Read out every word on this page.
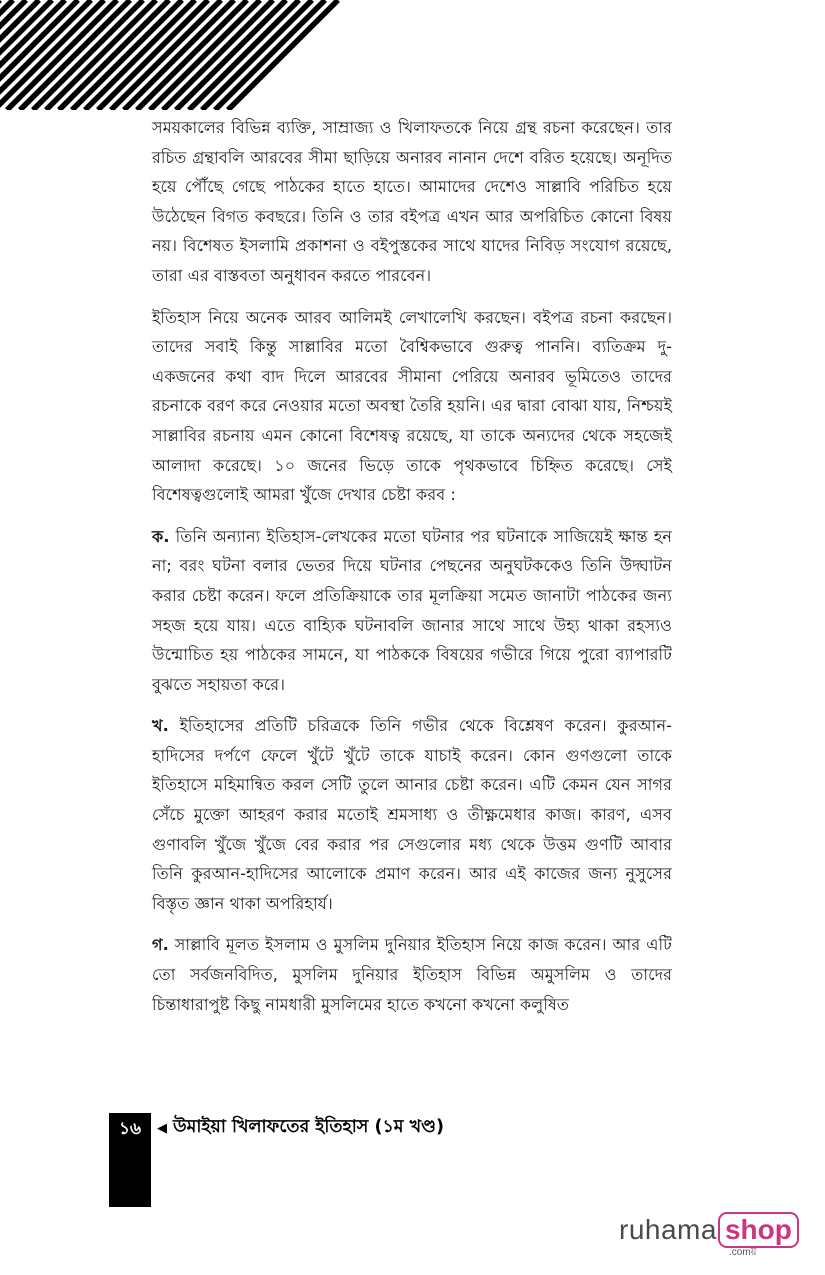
সময়কালের বিভিন্ন ব্যক্তি, সাম্রাজ্য ও খিলাফতকে নিয়ে গ্রন্থ রচনা করেছেন। তার রচিত গ্রন্থাবলি আরবের সীমা ছাড়িয়ে অনারব নানান দেশে বরিত হয়েছে। অনূদিত হয়ে পৌঁছে গেছে পাঠকের হাতে হাতে। আমাদের দেশেও সাল্লাবি পরিচিত হয়ে উঠেছেন বিগত কবছরে। তিনি ও তার বইপত্র এখন আর অপরিচিত কোনো বিষয় নয়। বিশেষত ইসলামি প্রকাশনা ও বইপুস্তকের সাথে যাদের নিবিড় সংযোগ রয়েছে, তারা এর বাস্তবতা অনুধাবন করতে পারবেন।

ইতিহাস নিয়ে অনেক আরব আলিমই লেখালেখি করছেন। বইপত্র রচনা করছেন। তাদের সবাই কিন্তু সাল্লাবির মতো বৈশ্বিকভাবে গুরুত্ব পাননি। ব্যতিক্রম দু-একজনের কথা বাদ দিলে আরবের সীমানা পেরিয়ে অনারব ভূমিতেও তাদের রচনাকে বরণ করে নেওয়ার মতো অবস্থা তৈরি হয়নি। এর দ্বারা বোঝা যায়, নিশ্চয়ই সাল্লাবির রচনায় এমন কোনো বিশেষত্ব রয়েছে, যা তাকে অন্যদের থেকে সহজেই আলাদা করেছে। ১০ জনের ভিড়ে তাকে পৃথকভাবে চিহ্নিত করেছে। সেই বিশেষত্বগুলোই আমরা খুঁজে দেখার চেষ্টা করব :

ক. তিনি অন্যান্য ইতিহাস-লেখকের মতো ঘটনার পর ঘটনাকে সাজিয়েই ক্ষান্ত হন না; বরং ঘটনা বলার ভেতর দিয়ে ঘটনার পেছনের অনুঘটককেও তিনি উদ্ঘাটন করার চেষ্টা করেন। ফলে প্রতিক্রিয়াকে তার মূলক্রিয়া সমেত জানাটা পাঠকের জন্য সহজ হয়ে যায়। এতে বাহ্যিক ঘটনাবলি জানার সাথে সাথে উহ্য থাকা রহস্যও উন্মোচিত হয় পাঠকের সামনে, যা পাঠককে বিষয়ের গভীরে গিয়ে পুরো ব্যাপারটি বুঝতে সহায়তা করে।

খ. ইতিহাসের প্রতিটি চরিত্রকে তিনি গভীর থেকে বিশ্লেষণ করেন। কুরআন-হাদিসের দর্পণে ফেলে খুঁটে খুঁটে তাকে যাচাই করেন। কোন গুণগুলো তাকে ইতিহাসে মহিমান্বিত করল সেটি তুলে আনার চেষ্টা করেন। এটি কেমন যেন সাগর সেঁচে মুক্তো আহরণ করার মতোই শ্রমসাধ্য ও তীক্ষ্ণমেধার কাজ। কারণ, এসব গুণাবলি খুঁজে খুঁজে বের করার পর সেগুলোর মধ্য থেকে উত্তম গুণটি আবার তিনি কুরআন-হাদিসের আলোকে প্রমাণ করেন। আর এই কাজের জন্য নুসুসের বিস্তৃত জ্ঞান থাকা অপরিহার্য।

গ. সাল্লাবি মূলত ইসলাম ও মুসলিম দুনিয়ার ইতিহাস নিয়ে কাজ করেন। আর এটি তো সর্বজনবিদিত, মুসলিম দুনিয়ার ইতিহাস বিভিন্ন অমুসলিম ও তাদের চিন্তাধারাপুষ্ট কিছু নামধারী মুসলিমের হাতে কখনো কখনো কলুষিত

১৬	◀ উমাইয়া খিলাফতের ইতিহাস (১ম খণ্ড)
ruhama shop
.comয়
